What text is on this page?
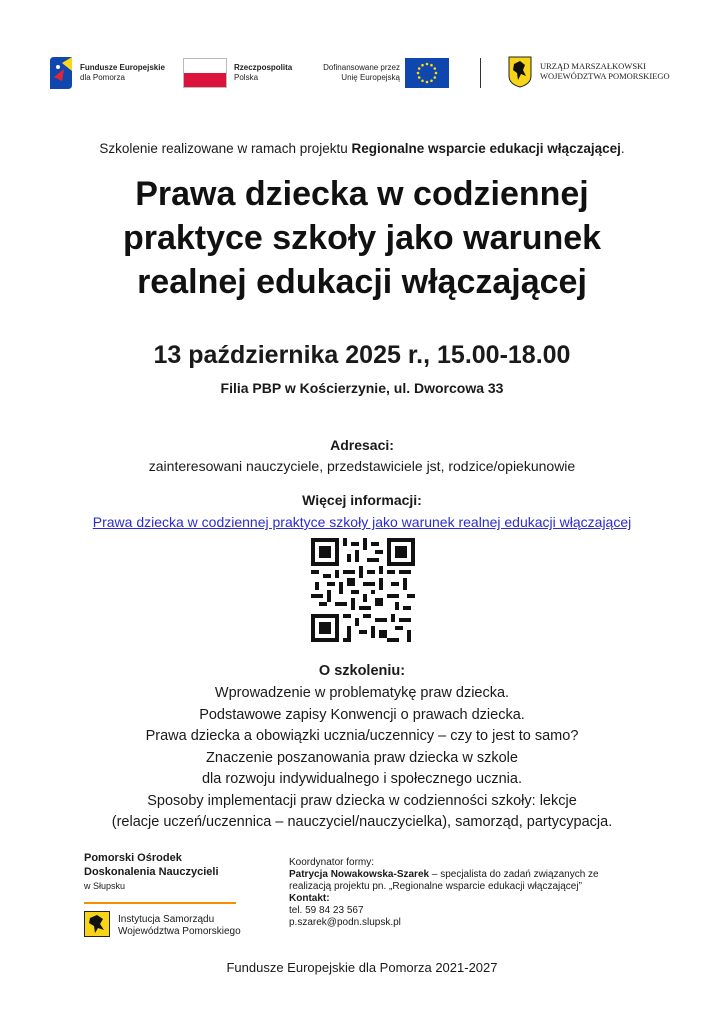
Fundusze Europejskie
dla Pomorza
Rzeczpospolita
Polska
Dofinansowane przez
Unię Europejską
URZĄD MARSZAŁKOWSKI
WOJEWÓDZTWA POMORSKIEGO
Szkolenie realizowane w ramach projektu Regionalne wsparcie edukacji włączającej.
Prawa dziecka w codziennej
praktyce szkoły jako warunek
realnej edukacji włączającej
13 października 2025 r., 15.00-18.00
Filia PBP w Kościerzynie, ul. Dworcowa 33
Adresaci:
zainteresowani nauczyciele, przedstawiciele jst, rodzice/opiekunowie
Więcej informacji:
Prawa dziecka w codziennej praktyce szkoły jako warunek realnej edukacji włączającej
O szkoleniu:
Wprowadzenie w problematykę praw dziecka.
Podstawowe zapisy Konwencji o prawach dziecka.
Prawa dziecka a obowiązki ucznia/uczennicy – czy to jest to samo?
Znaczenie poszanowania praw dziecka w szkole
dla rozwoju indywidualnego i społecznego ucznia.
Sposoby implementacji praw dziecka w codzienności szkoły: lekcje
(relacje uczeń/uczennica – nauczyciel/nauczycielka), samorząd, partycypacja.
Pomorski Ośrodek
Doskonalenia Nauczycieli
w Słupsku
Instytucja Samorządu
Województwa Pomorskiego
Koordynator formy:
Patrycja Nowakowska-Szarek – specjalista do zadań związanych ze
realizacją projektu pn. „Regionalne wsparcie edukacji włączającej”
Kontakt:
tel. 59 84 23 567
p.szarek@podn.slupsk.pl
Fundusze Europejskie dla Pomorza 2021-2027
